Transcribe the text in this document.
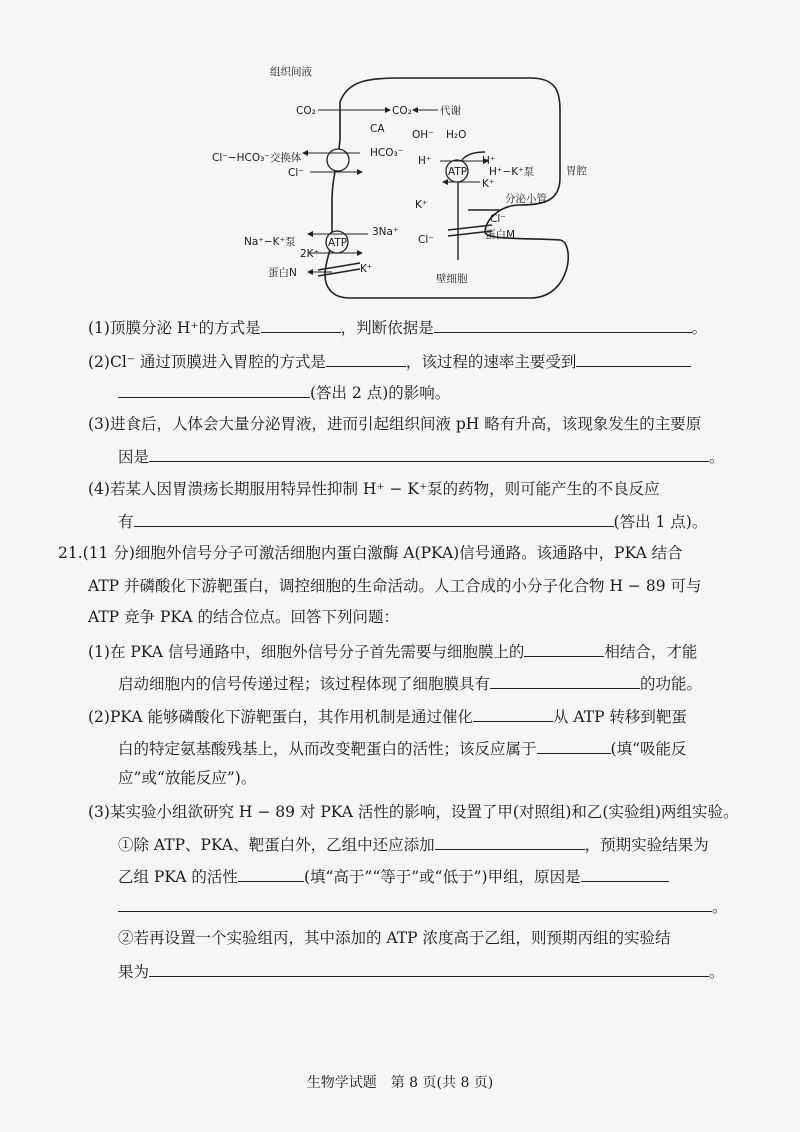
组织间液
CO₂	CO₂	代谢
CA	OH⁻ H₂O
HCO₃⁻
Cl⁻−HCO₃⁻交换体
Cl⁻
H⁺	H⁺
H⁺−K⁺泵
ATP
K⁺
胃腔
分泌小管
K⁺
Cl⁻
Cl⁻	蛋白M
Na⁺−K⁺泵
3Na⁺
2K⁺
ATP
蛋白N	K⁺
壁细胞
(1)顶膜分泌 H⁺的方式是	，判断依据是	。
(2)Cl⁻ 通过顶膜进入胃腔的方式是	，该过程的速率主要受到
(答出 2 点)的影响。
(3)进食后，人体会大量分泌胃液，进而引起组织间液 pH 略有升高，该现象发生的主要原
因是	。
(4)若某人因胃溃疡长期服用特异性抑制 H⁺ − K⁺泵的药物，则可能产生的不良反应
有	(答出 1 点)。
21.(11 分)细胞外信号分子可激活细胞内蛋白激酶 A(PKA)信号通路。该通路中，PKA 结合
ATP 并磷酸化下游靶蛋白，调控细胞的生命活动。人工合成的小分子化合物 H − 89 可与
ATP 竞争 PKA 的结合位点。回答下列问题：
(1)在 PKA 信号通路中，细胞外信号分子首先需要与细胞膜上的	相结合，才能
启动细胞内的信号传递过程；该过程体现了细胞膜具有	的功能。
(2)PKA 能够磷酸化下游靶蛋白，其作用机制是通过催化	从 ATP 转移到靶蛋
白的特定氨基酸残基上，从而改变靶蛋白的活性；该反应属于	(填“吸能反
应”或“放能反应”)。
(3)某实验小组欲研究 H − 89 对 PKA 活性的影响，设置了甲(对照组)和乙(实验组)两组实验。
①除 ATP、PKA、靶蛋白外，乙组中还应添加	，预期实验结果为
乙组 PKA 的活性	(填“高于”“等于”或“低于”)甲组，原因是
。
②若再设置一个实验组丙，其中添加的 ATP 浓度高于乙组，则预期丙组的实验结
果为	。
生物学试题　第 8 页(共 8 页)
